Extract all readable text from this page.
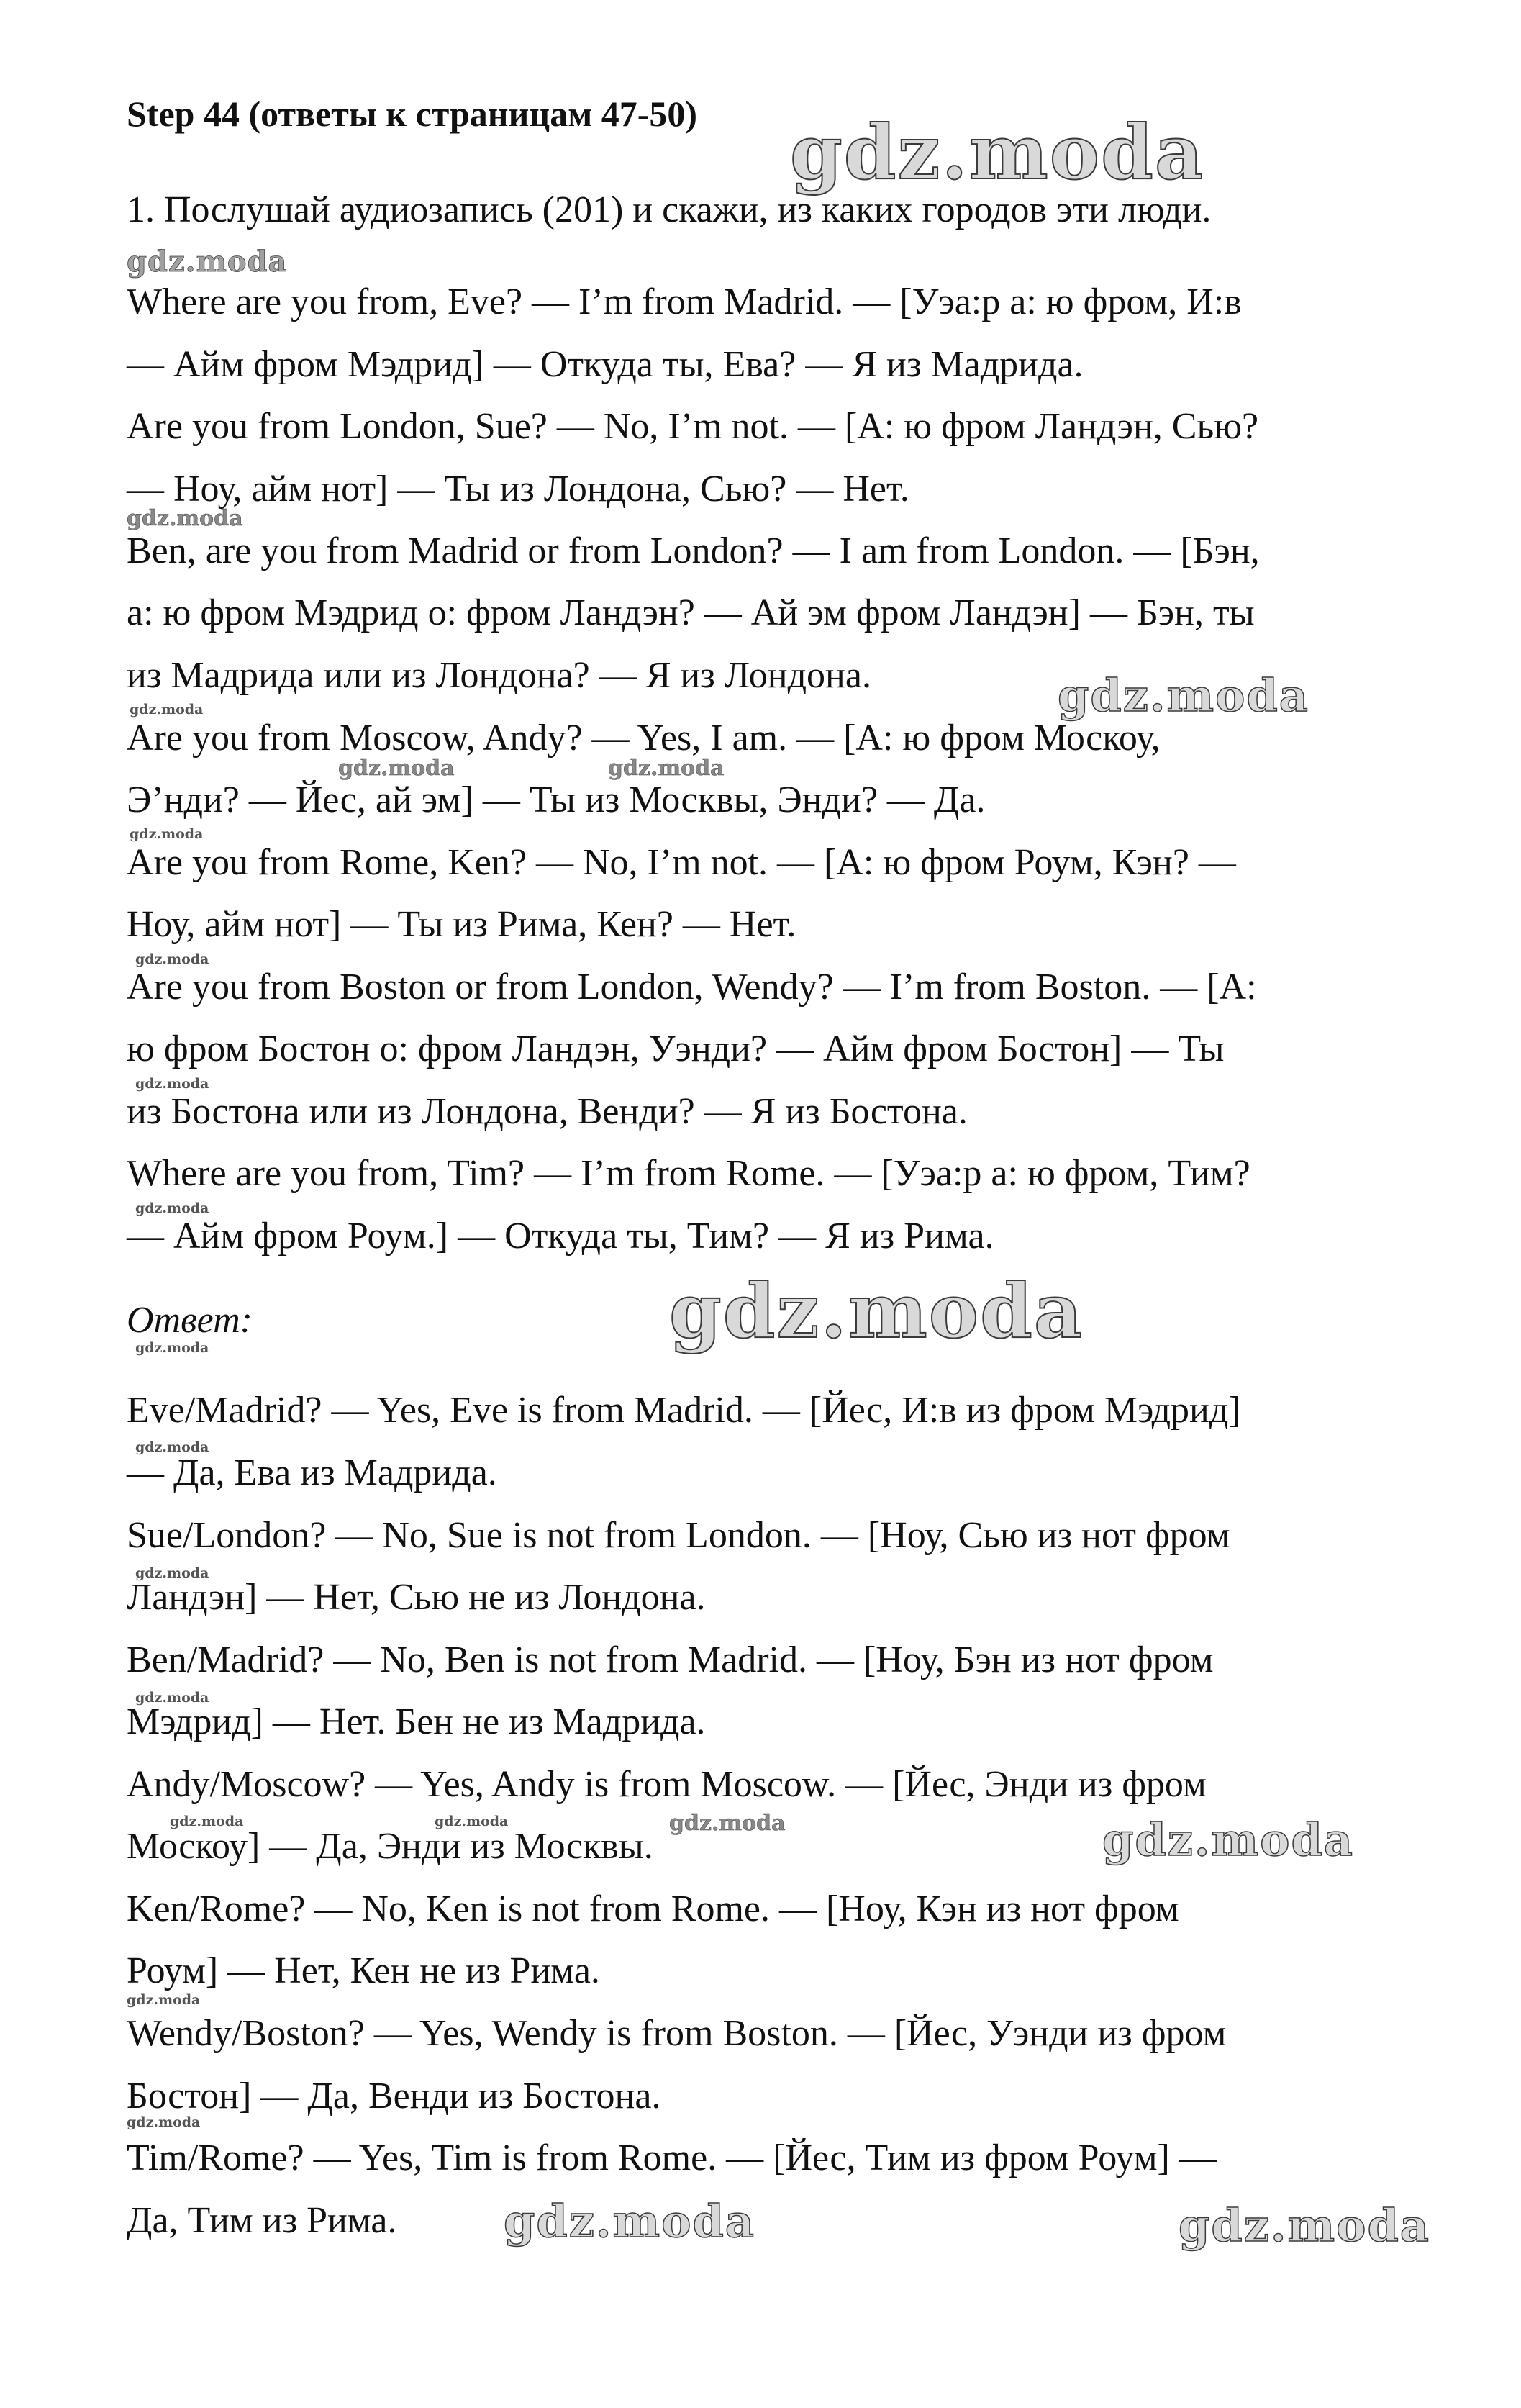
Step 44 (ответы к страницам 47-50)
1. Послушай аудиозапись (201) и скажи, из каких городов эти люди.
Where are you from, Eve? — I’m from Madrid. — [Уэа:р а: ю фром, И:в
— Айм фром Мэдрид] — Откуда ты, Ева? — Я из Мадрида.
Are you from London, Sue? — No, I’m not. — [А: ю фром Ландэн, Сью?
— Ноу, айм нот] — Ты из Лондона, Сью? — Нет.
Ben, are you from Madrid or from London? — I am from London. — [Бэн,
а: ю фром Мэдрид о: фром Ландэн? — Ай эм фром Ландэн] — Бэн, ты
из Мадрида или из Лондона? — Я из Лондона.
Are you from Moscow, Andy? — Yes, I am. — [А: ю фром Москоу,
Э’нди? — Йес, ай эм] — Ты из Москвы, Энди? — Да.
Are you from Rome, Ken? — No, I’m not. — [А: ю фром Роум, Кэн? —
Ноу, айм нот] — Ты из Рима, Кен? — Нет.
Are you from Boston or from London, Wendy? — I’m from Boston. — [А:
ю фром Бостон о: фром Ландэн, Уэнди? — Айм фром Бостон] — Ты
из Бостона или из Лондона, Венди? — Я из Бостона.
Where are you from, Tim? — I’m from Rome. — [Уэа:р а: ю фром, Тим?
— Айм фром Роум.] — Откуда ты, Тим? — Я из Рима.
Ответ:
Eve/Madrid? — Yes, Eve is from Madrid. — [Йес, И:в из фром Мэдрид]
— Да, Ева из Мадрида.
Sue/London? — No, Sue is not from London. — [Ноу, Сью из нот фром
Ландэн] — Нет, Сью не из Лондона.
Ben/Madrid? — No, Ben is not from Madrid. — [Ноу, Бэн из нот фром
Мэдрид] — Нет. Бен не из Мадрида.
Andy/Moscow? — Yes, Andy is from Moscow. — [Йес, Энди из фром
Москоу] — Да, Энди из Москвы.
Ken/Rome? — No, Ken is not from Rome. — [Ноу, Кэн из нот фром
Роум] — Нет, Кен не из Рима.
Wendy/Boston? — Yes, Wendy is from Boston. — [Йес, Уэнди из фром
Бостон] — Да, Венди из Бостона.
Tim/Rome? — Yes, Tim is from Rome. — [Йес, Тим из фром Роум] —
Да, Тим из Рима.
gdz.moda
gdz.moda
gdz.moda
gdz.moda
gdz.moda
gdz.moda	gdz.moda
gdz.moda
gdz.moda
gdz.moda
gdz.moda
gdz.moda
gdz.moda
gdz.moda
gdz.moda
gdz.moda
gdz.moda	gdz.moda	gdz.moda	gdz.moda
gdz.moda
gdz.moda
gdz.moda	gdz.moda
